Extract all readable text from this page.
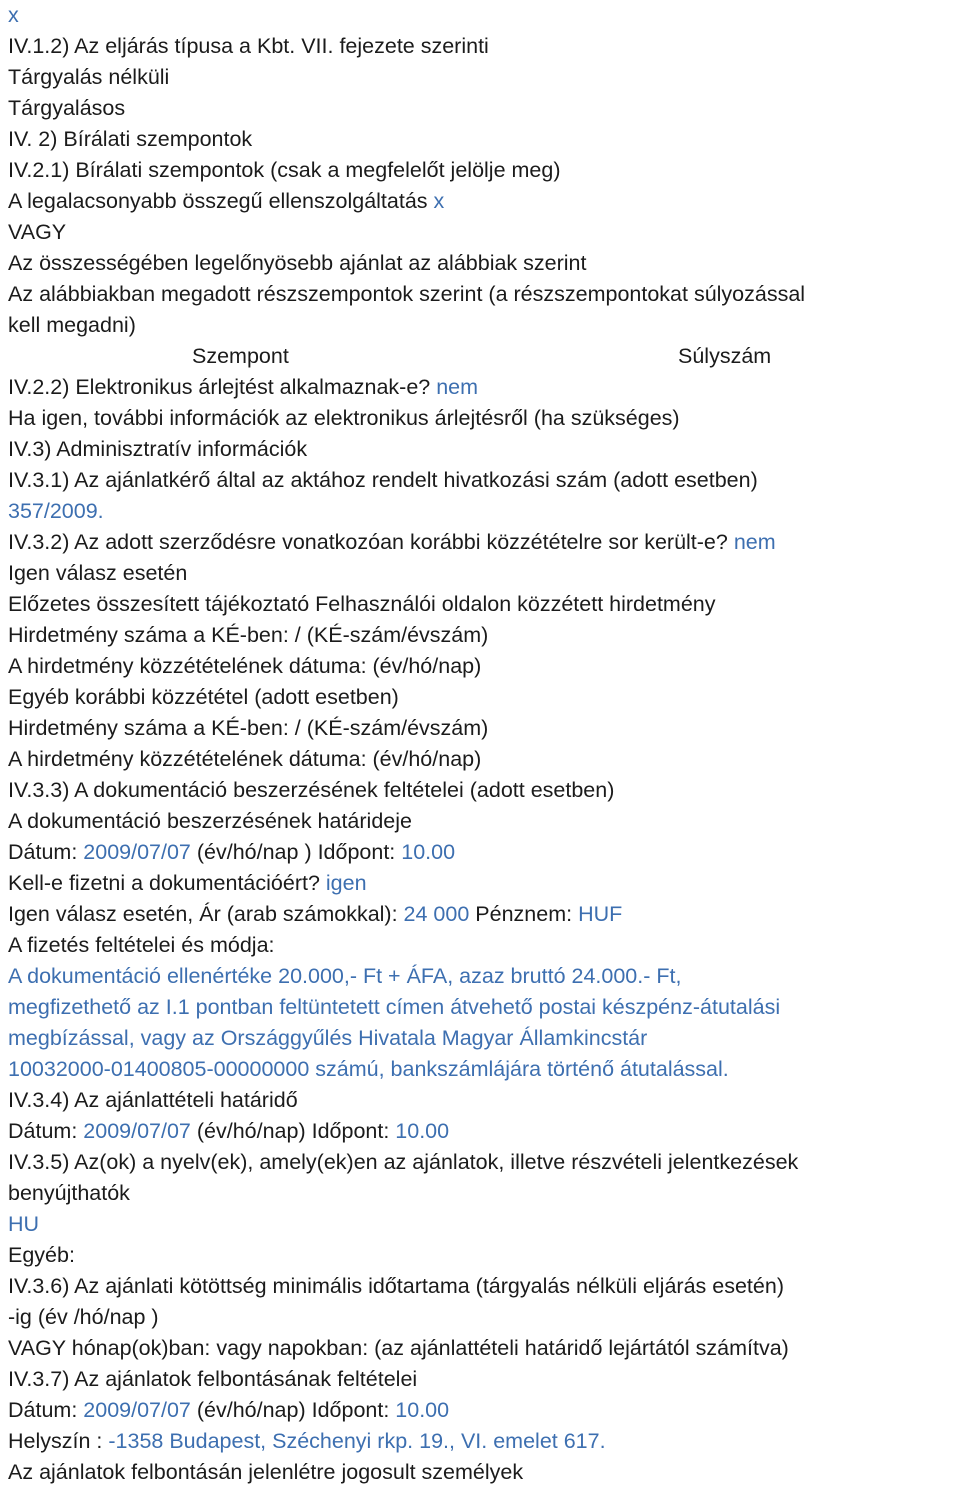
x
IV.1.2) Az eljárás típusa a Kbt. VII. fejezete szerinti
Tárgyalás nélküli
Tárgyalásos
IV. 2) Bírálati szempontok
IV.2.1) Bírálati szempontok (csak a megfelelőt jelölje meg)
A legalacsonyabb összegű ellenszolgáltatás x
VAGY
Az összességében legelőnyösebb ajánlat az alábbiak szerint
Az alábbiakban megadott részszempontok szerint (a részszempontokat súlyozással
kell megadni)
Szempont	Súlyszám
IV.2.2) Elektronikus árlejtést alkalmaznak-e? nem
Ha igen, további információk az elektronikus árlejtésről (ha szükséges)
IV.3) Adminisztratív információk
IV.3.1) Az ajánlatkérő által az aktához rendelt hivatkozási szám (adott esetben)
357/2009.
IV.3.2) Az adott szerződésre vonatkozóan korábbi közzétételre sor került-e? nem
Igen válasz esetén
Előzetes összesített tájékoztató Felhasználói oldalon közzétett hirdetmény
Hirdetmény száma a KÉ-ben: / (KÉ-szám/évszám)
A hirdetmény közzétételének dátuma: (év/hó/nap)
Egyéb korábbi közzététel (adott esetben)
Hirdetmény száma a KÉ-ben: / (KÉ-szám/évszám)
A hirdetmény közzétételének dátuma: (év/hó/nap)
IV.3.3) A dokumentáció beszerzésének feltételei (adott esetben)
A dokumentáció beszerzésének határideje
Dátum: 2009/07/07 (év/hó/nap ) Időpont: 10.00
Kell-e fizetni a dokumentációért? igen
Igen válasz esetén, Ár (arab számokkal): 24 000 Pénznem: HUF
A fizetés feltételei és módja:
A dokumentáció ellenértéke 20.000,- Ft + ÁFA, azaz bruttó 24.000.- Ft,
megfizethető az I.1 pontban feltüntetett címen átvehető postai készpénz-átutalási
megbízással, vagy az Országgyűlés Hivatala Magyar Államkincstár
10032000-01400805-00000000 számú, bankszámlájára történő átutalással.
IV.3.4) Az ajánlattételi határidő
Dátum: 2009/07/07 (év/hó/nap) Időpont: 10.00
IV.3.5) Az(ok) a nyelv(ek), amely(ek)en az ajánlatok, illetve részvételi jelentkezések
benyújthatók
HU
Egyéb:
IV.3.6) Az ajánlati kötöttség minimális időtartama (tárgyalás nélküli eljárás esetén)
-ig (év /hó/nap )
VAGY hónap(ok)ban: vagy napokban: (az ajánlattételi határidő lejártától számítva)
IV.3.7) Az ajánlatok felbontásának feltételei
Dátum: 2009/07/07 (év/hó/nap) Időpont: 10.00
Helyszín : -1358 Budapest, Széchenyi rkp. 19., VI. emelet 617.
Az ajánlatok felbontásán jelenlétre jogosult személyek
